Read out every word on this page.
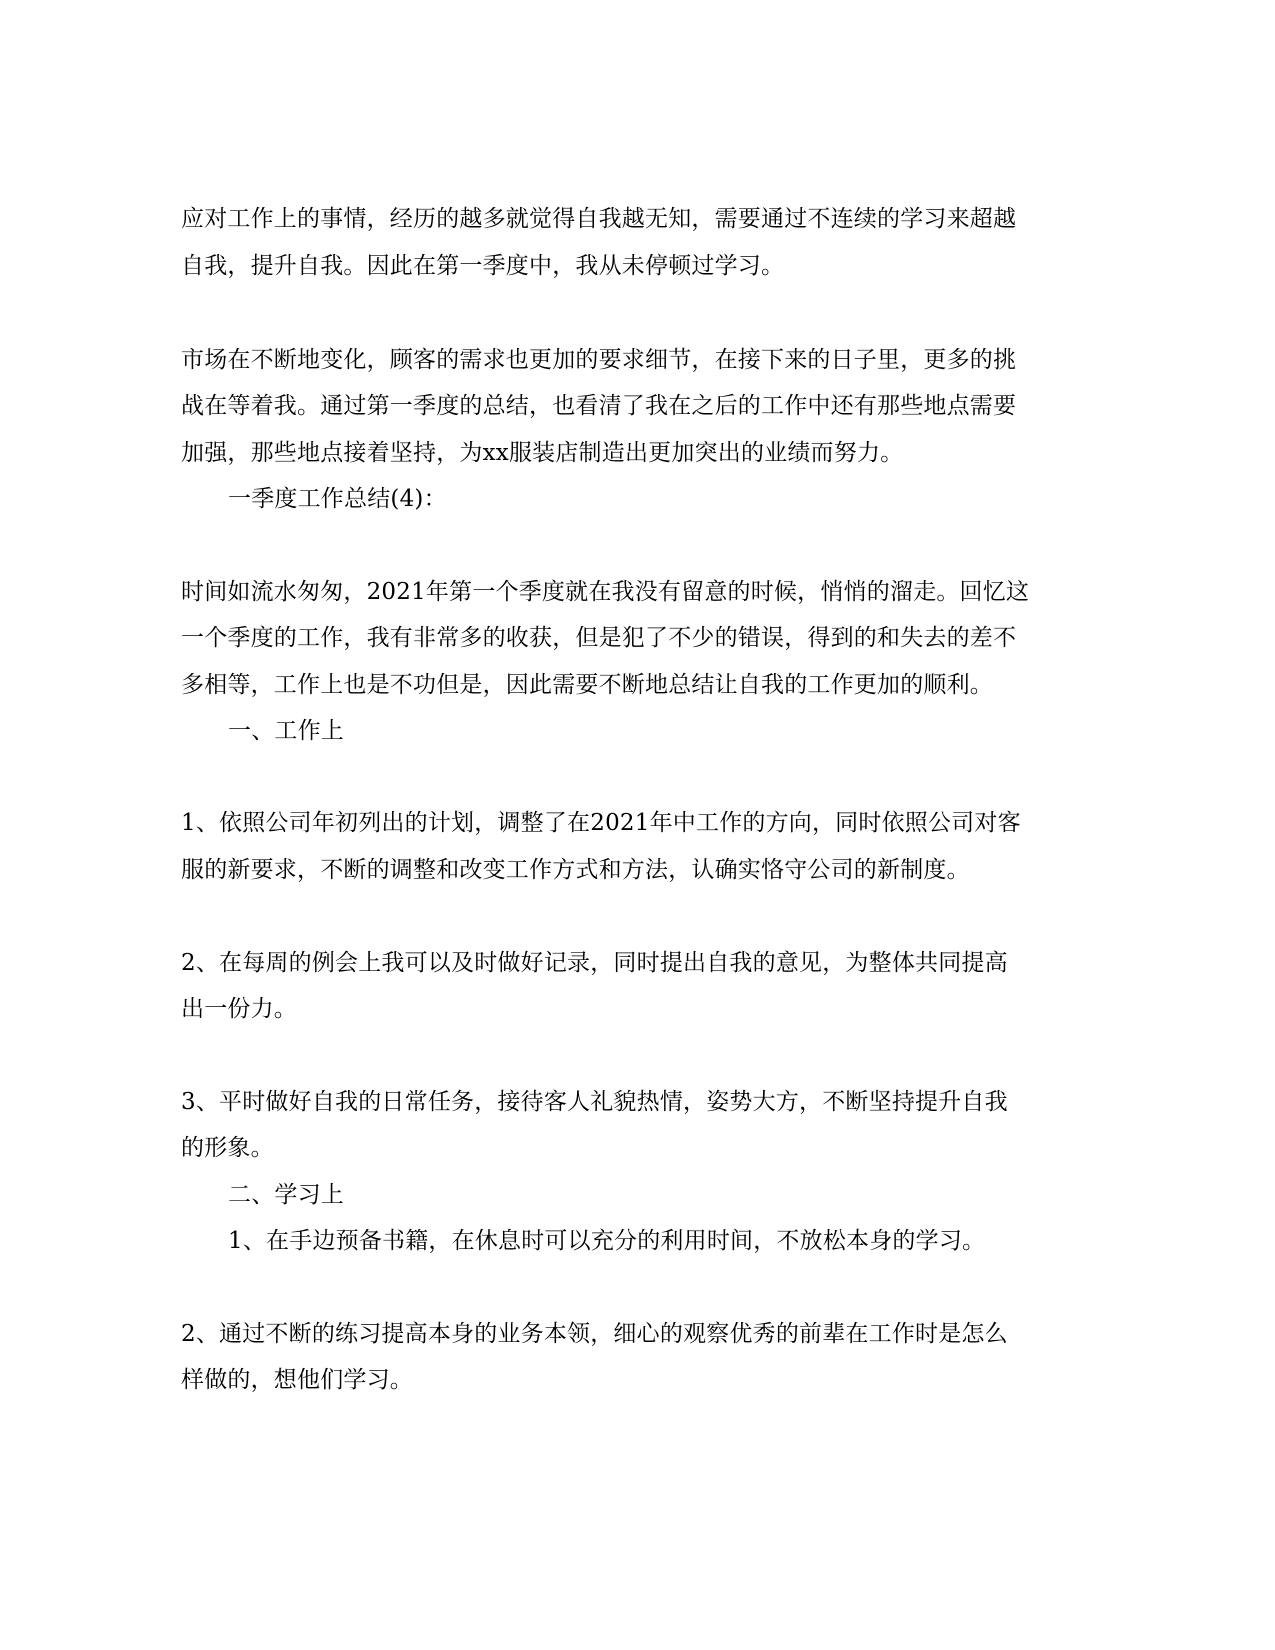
应对工作上的事情，经历的越多就觉得自我越无知，需要通过不连续的学习来超越
自我，提升自我。因此在第一季度中，我从未停顿过学习。
市场在不断地变化，顾客的需求也更加的要求细节，在接下来的日子里，更多的挑
战在等着我。通过第一季度的总结，也看清了我在之后的工作中还有那些地点需要
加强，那些地点接着坚持，为xx服装店制造出更加突出的业绩而努力。
一季度工作总结(4)：
时间如流水匆匆，2021年第一个季度就在我没有留意的时候，悄悄的溜走。回忆这
一个季度的工作，我有非常多的收获，但是犯了不少的错误，得到的和失去的差不
多相等，工作上也是不功但是，因此需要不断地总结让自我的工作更加的顺利。
一、工作上
1、依照公司年初列出的计划，调整了在2021年中工作的方向，同时依照公司对客
服的新要求，不断的调整和改变工作方式和方法，认确实恪守公司的新制度。
2、在每周的例会上我可以及时做好记录，同时提出自我的意见，为整体共同提高
出一份力。
3、平时做好自我的日常任务，接待客人礼貌热情，姿势大方，不断坚持提升自我
的形象。
二、学习上
1、在手边预备书籍，在休息时可以充分的利用时间，不放松本身的学习。
2、通过不断的练习提高本身的业务本领，细心的观察优秀的前辈在工作时是怎么
样做的，想他们学习。
